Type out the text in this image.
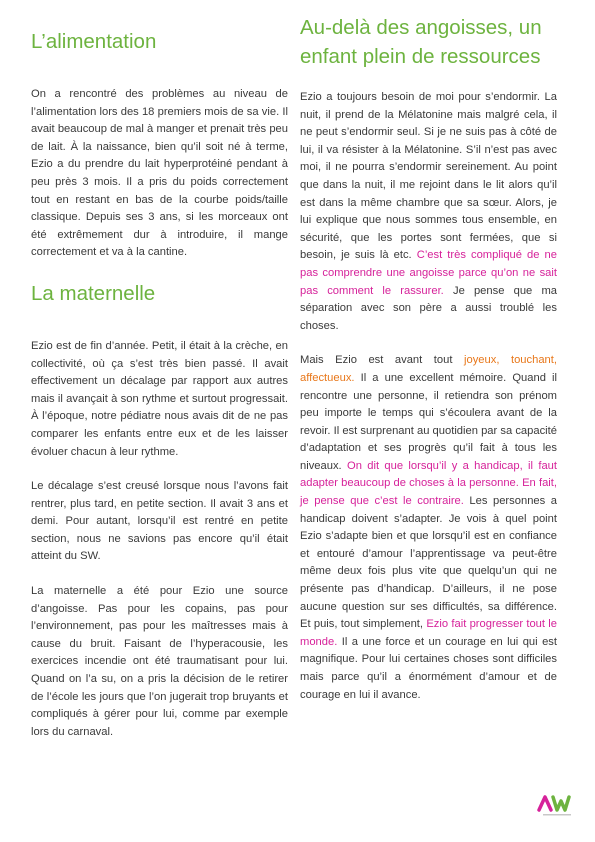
L’alimentation

On a rencontré des problèmes au niveau de l’alimentation lors des 18 premiers mois de sa vie. Il avait beaucoup de mal à manger et prenait très peu de lait. À la naissance, bien qu’il soit né à terme, Ezio a du prendre du lait hyperprotéiné pendant à peu près 3 mois. Il a pris du poids correctement tout en restant en bas de la courbe poids/taille classique. Depuis ses 3 ans, si les morceaux ont été extrêmement dur à introduire, il mange correctement et va à la cantine.

La maternelle

Ezio est de fin d’année. Petit, il était à la crèche, en collectivité, où ça s’est très bien passé. Il avait effectivement un décalage par rapport aux autres mais il avançait à son rythme et surtout progressait. À l’époque, notre pédiatre nous avais dit de ne pas comparer les enfants entre eux et de les laisser évoluer chacun à leur rythme.

Le décalage s’est creusé lorsque nous l’avons fait rentrer, plus tard, en petite section. Il avait 3 ans et demi. Pour autant, lorsqu’il est rentré en petite section, nous ne savions pas encore qu’il était atteint du SW.

La maternelle a été pour Ezio une source d’angoisse. Pas pour les copains, pas pour l’environnement, pas pour les maîtresses mais à cause du bruit. Faisant de l’hyperacousie, les exercices incendie ont été traumatisant pour lui. Quand on l’a su, on a pris la décision de le retirer de l’école les jours que l’on jugerait trop bruyants et compliqués à gérer pour lui, comme par exemple lors du carnaval.

Au-delà des angoisses, un enfant plein de ressources

Ezio a toujours besoin de moi pour s’endormir. La nuit, il prend de la Mélatonine mais malgré cela, il ne peut s’endormir seul. Si je ne suis pas à côté de lui, il va résister à la Mélatonine. S’il n’est pas avec moi, il ne pourra s’endormir sereinement. Au point que dans la nuit, il me rejoint dans le lit alors qu’il est dans la même chambre que sa sœur. Alors, je lui explique que nous sommes tous ensemble, en sécurité, que les portes sont fermées, que si besoin, je suis là etc. C’est très compliqué de ne pas comprendre une angoisse parce qu’on ne sait pas comment le rassurer. Je pense que ma séparation avec son père a aussi troublé les choses.

Mais Ezio est avant tout joyeux, touchant, affectueux. Il a une excellent mémoire. Quand il rencontre une personne, il retiendra son prénom peu importe le temps qui s’écoulera avant de la revoir. Il est surprenant au quotidien par sa capacité d’adaptation et ses progrès qu’il fait à tous les niveaux. On dit que lorsqu’il y a handicap, il faut adapter beaucoup de choses à la personne. En fait, je pense que c’est le contraire. Les personnes a handicap doivent s’adapter. Je vois à quel point Ezio s’adapte bien et que lorsqu’il est en confiance et entouré d’amour l’apprentissage va peut-être même deux fois plus vite que quelqu’un qui ne présente pas d’handicap. D’ailleurs, il ne pose aucune question sur ses difficultés, sa différence. Et puis, tout simplement, Ezio fait progresser tout le monde. Il a une force et un courage en lui qui est magnifique. Pour lui certaines choses sont difficiles mais parce qu’il a énormément d’amour et de courage en lui il avance.
